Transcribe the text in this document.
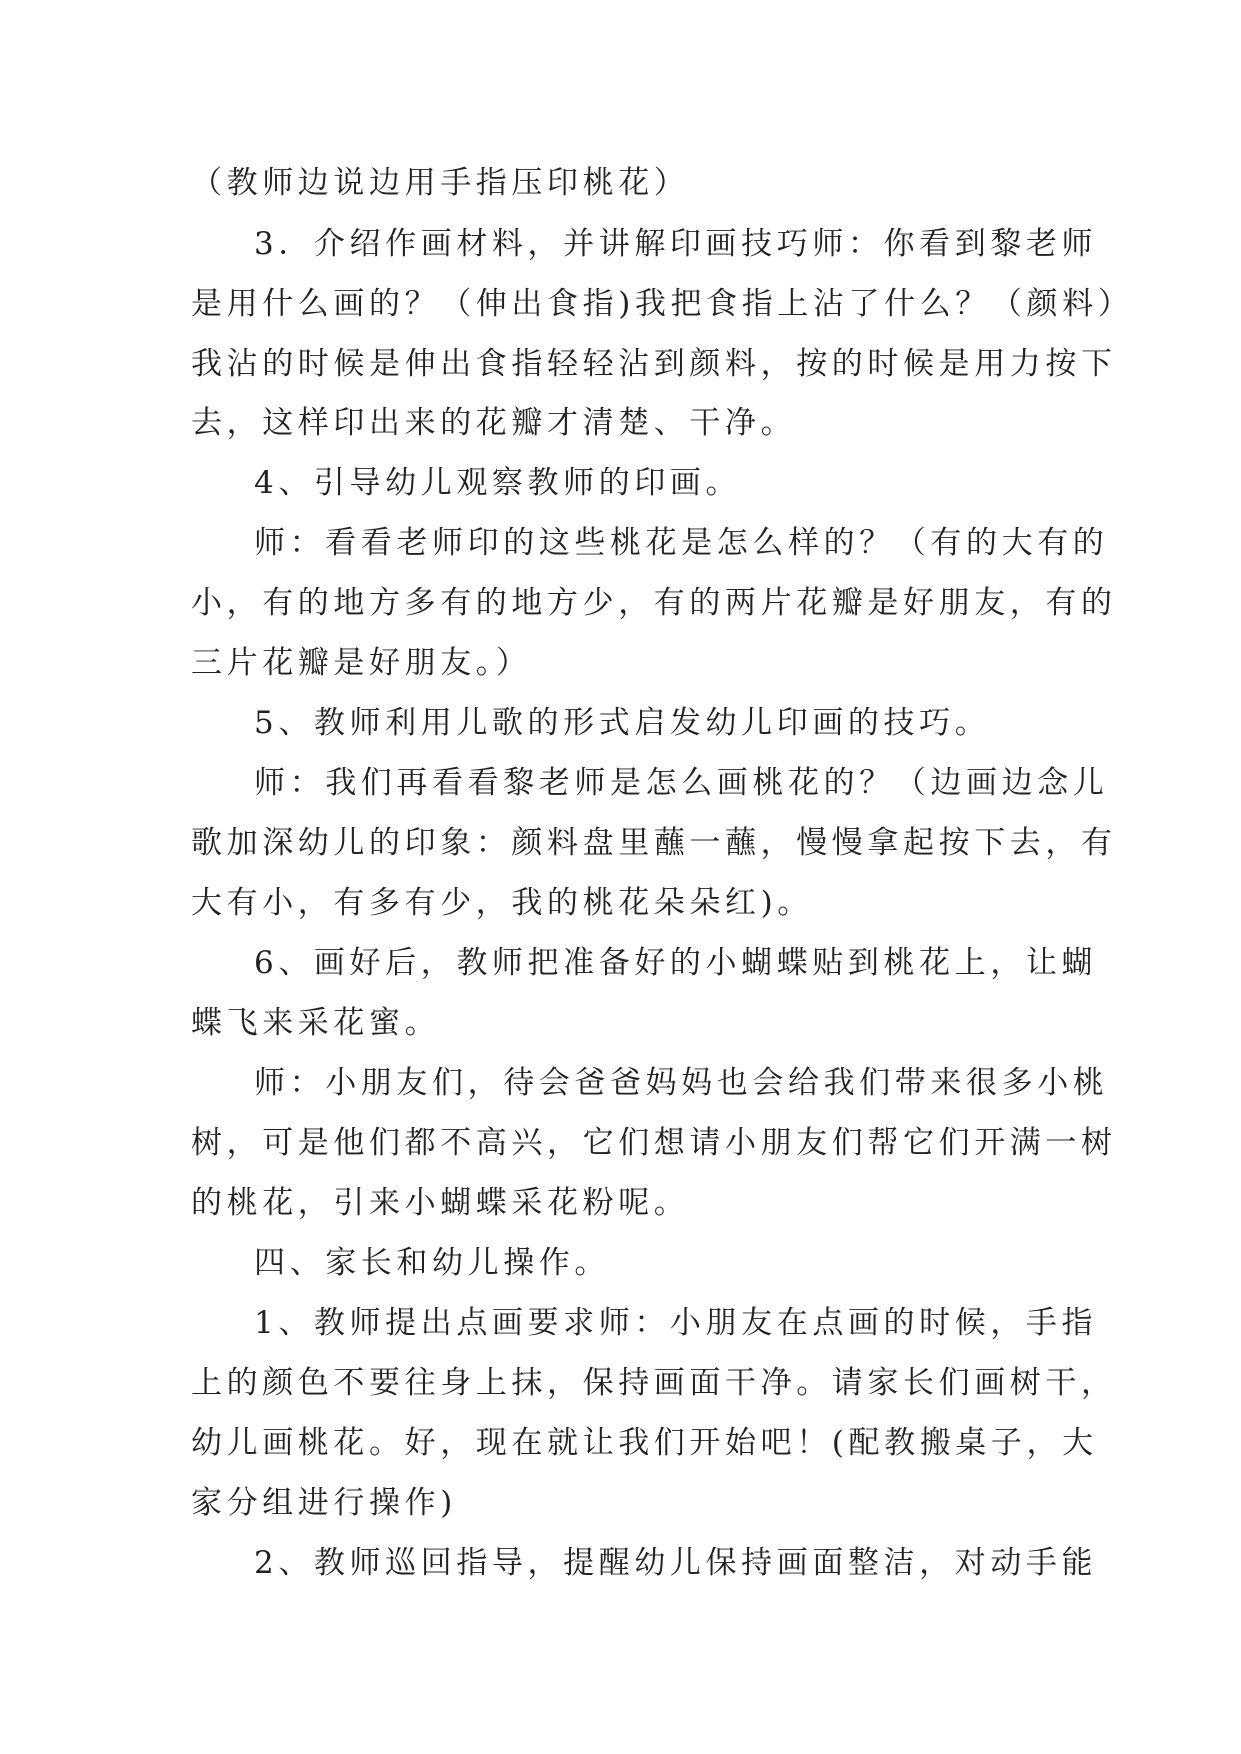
（教师边说边用手指压印桃花）
3．介绍作画材料，并讲解印画技巧师：你看到黎老师
是用什么画的？（伸出食指)我把食指上沾了什么？（颜料）
我沾的时候是伸出食指轻轻沾到颜料，按的时候是用力按下
去，这样印出来的花瓣才清楚、干净。
4、引导幼儿观察教师的印画。
师：看看老师印的这些桃花是怎么样的？（有的大有的
小，有的地方多有的地方少，有的两片花瓣是好朋友，有的
三片花瓣是好朋友。）
5、教师利用儿歌的形式启发幼儿印画的技巧。
师：我们再看看黎老师是怎么画桃花的？（边画边念儿
歌加深幼儿的印象：颜料盘里蘸一蘸，慢慢拿起按下去，有
大有小，有多有少，我的桃花朵朵红)。
6、画好后，教师把准备好的小蝴蝶贴到桃花上，让蝴
蝶飞来采花蜜。
师：小朋友们，待会爸爸妈妈也会给我们带来很多小桃
树，可是他们都不高兴，它们想请小朋友们帮它们开满一树
的桃花，引来小蝴蝶采花粉呢。
四、家长和幼儿操作。
1、教师提出点画要求师：小朋友在点画的时候，手指
上的颜色不要往身上抹，保持画面干净。请家长们画树干，
幼儿画桃花。好，现在就让我们开始吧！(配教搬桌子，大
家分组进行操作)
2、教师巡回指导，提醒幼儿保持画面整洁，对动手能
